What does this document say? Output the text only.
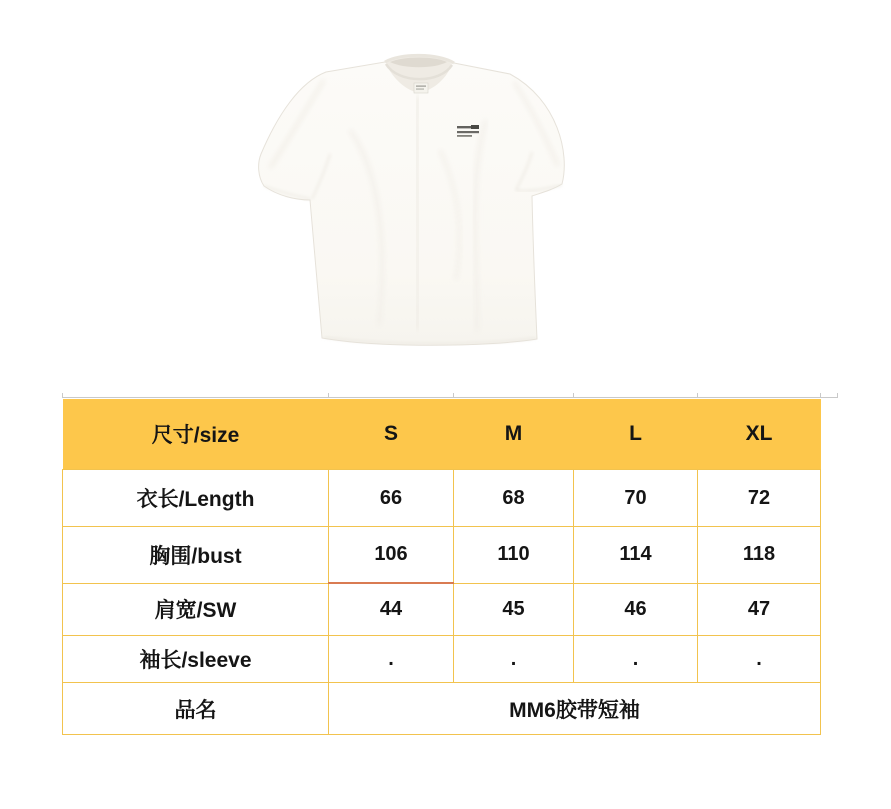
尺寸/size	S	M	L	XL
衣长/Length	66	68	70	72
胸围/bust	106	110	114	118
肩宽/SW	44	45	46	47
袖长/sleeve	.	.	.	.
品名	MM6胶带短袖			
